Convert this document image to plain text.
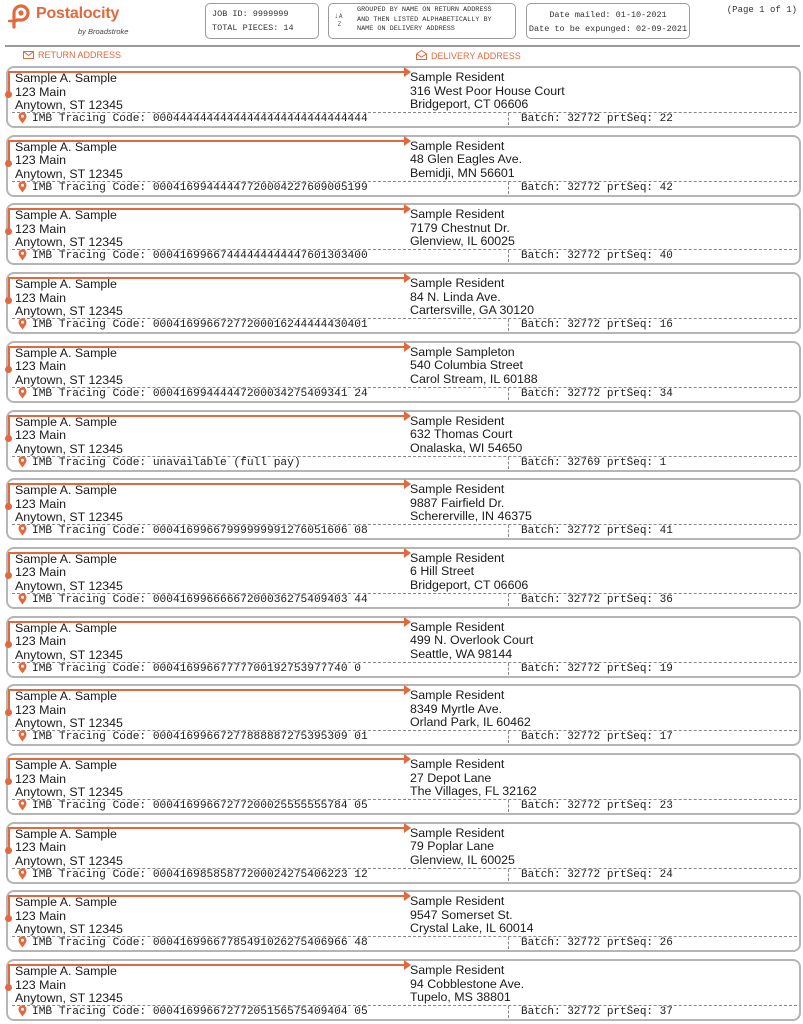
Postalocity
by Broadstroke
JOB ID: 9999999
TOTAL PIECES: 14
↓A
Z
GROUPED BY NAME ON RETURN ADDRESS
AND THEN LISTED ALPHABETICALLY BY
NAME ON DELIVERY ADDRESS
Date mailed: 01-10-2021
Date to be expunged: 02-09-2021
(Page 1 of 1)
RETURN ADDRESS	DELIVERY ADDRESS
Sample A. Sample
123 Main
Anytown, ST 12345
Sample Resident
316 West Poor House Court
Bridgeport, CT 06606
IMB Tracing Code: 00044444444444444444444444444444	Batch: 32772 prtSeq: 22
Sample A. Sample
123 Main
Anytown, ST 12345
Sample Resident
48 Glen Eagles Ave.
Bemidji, MN 56601
IMB Tracing Code: 00041699444447720004227609005199	Batch: 32772 prtSeq: 42
Sample A. Sample
123 Main
Anytown, ST 12345
Sample Resident
7179 Chestnut Dr.
Glenview, IL 60025
IMB Tracing Code: 00041699667444444444447601303400	Batch: 32772 prtSeq: 40
Sample A. Sample
123 Main
Anytown, ST 12345
Sample Resident
84 N. Linda Ave.
Cartersville, GA 30120
IMB Tracing Code: 00041699667277200016244444430401	Batch: 32772 prtSeq: 16
Sample A. Sample
123 Main
Anytown, ST 12345
Sample Sampleton
540 Columbia Street
Carol Stream, IL 60188
IMB Tracing Code: 00041699444447200034275409341 24	Batch: 32772 prtSeq: 34
Sample A. Sample
123 Main
Anytown, ST 12345
Sample Resident
632 Thomas Court
Onalaska, WI 54650
IMB Tracing Code: unavailable (full pay)	Batch: 32769 prtSeq: 1
Sample A. Sample
123 Main
Anytown, ST 12345
Sample Resident
9887 Fairfield Dr.
Schererville, IN 46375
IMB Tracing Code: 00041699667999999991276051606 08	Batch: 32772 prtSeq: 41
Sample A. Sample
123 Main
Anytown, ST 12345
Sample Resident
6 Hill Street
Bridgeport, CT 06606
IMB Tracing Code: 00041699666667200036275409403 44	Batch: 32772 prtSeq: 36
Sample A. Sample
123 Main
Anytown, ST 12345
Sample Resident
499 N. Overlook Court
Seattle, WA 98144
IMB Tracing Code: 00041699667777700192753977740 0	Batch: 32772 prtSeq: 19
Sample A. Sample
123 Main
Anytown, ST 12345
Sample Resident
8349 Myrtle Ave.
Orland Park, IL 60462
IMB Tracing Code: 00041699667277888887275395309 01	Batch: 32772 prtSeq: 17
Sample A. Sample
123 Main
Anytown, ST 12345
Sample Resident
27 Depot Lane
The Villages, FL 32162
IMB Tracing Code: 00041699667277200025555555784 05	Batch: 32772 prtSeq: 23
Sample A. Sample
123 Main
Anytown, ST 12345
Sample Resident
79 Poplar Lane
Glenview, IL 60025
IMB Tracing Code: 00041698585877200024275406223 12	Batch: 32772 prtSeq: 24
Sample A. Sample
123 Main
Anytown, ST 12345
Sample Resident
9547 Somerset St.
Crystal Lake, IL 60014
IMB Tracing Code: 00041699667785491026275406966 48	Batch: 32772 prtSeq: 26
Sample A. Sample
123 Main
Anytown, ST 12345
Sample Resident
94 Cobblestone Ave.
Tupelo, MS 38801
IMB Tracing Code: 00041699667277205156575409404 05	Batch: 32772 prtSeq: 37
